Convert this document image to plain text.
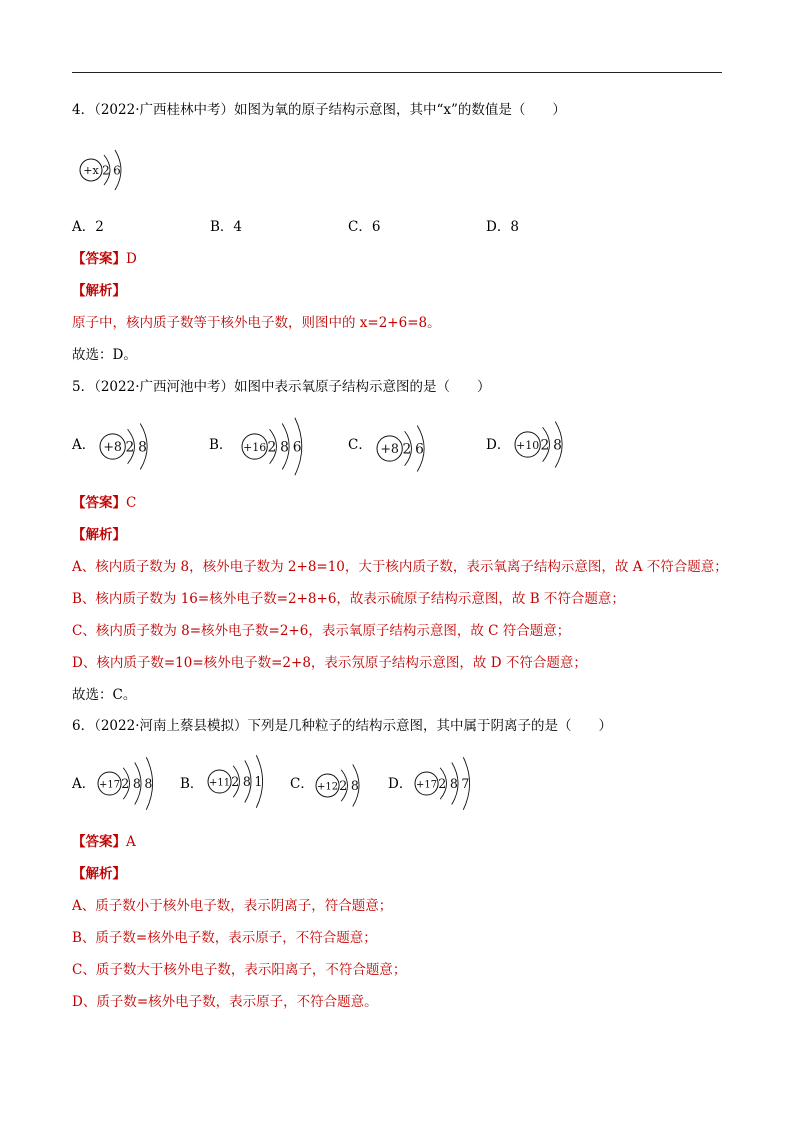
4．（2022·广西桂林中考）如图为氧的原子结构示意图，其中“x”的数值是（　　）
+x 2 6
A．2	B．4	C．6	D．8
【答案】D
【解析】
原子中，核内质子数等于核外电子数，则图中的 x=2+6=8。
故选：D。
5．（2022·广西河池中考）如图中表示氧原子结构示意图的是（　　）
A． +8 2 8	B． +16 2 8 6	C． +8 2 6	D． +10 2 8
【答案】C
【解析】
A、核内质子数为 8，核外电子数为 2+8=10，大于核内质子数，表示氧离子结构示意图，故 A 不符合题意；
B、核内质子数为 16=核外电子数=2+8+6，故表示硫原子结构示意图，故 B 不符合题意；
C、核内质子数为 8=核外电子数=2+6，表示氧原子结构示意图，故 C 符合题意；
D、核内质子数=10=核外电子数=2+8，表示氖原子结构示意图，故 D 不符合题意；
故选：C。
6．（2022·河南上蔡县模拟）下列是几种粒子的结构示意图，其中属于阴离子的是（　　）
A． +17 2 8 8 B． +11 2 8 1 C． +12 2 8 D． +17 2 8 7
【答案】A
【解析】
A、质子数小于核外电子数，表示阴离子，符合题意；
B、质子数=核外电子数，表示原子，不符合题意；
C、质子数大于核外电子数，表示阳离子，不符合题意；
D、质子数=核外电子数，表示原子，不符合题意。
